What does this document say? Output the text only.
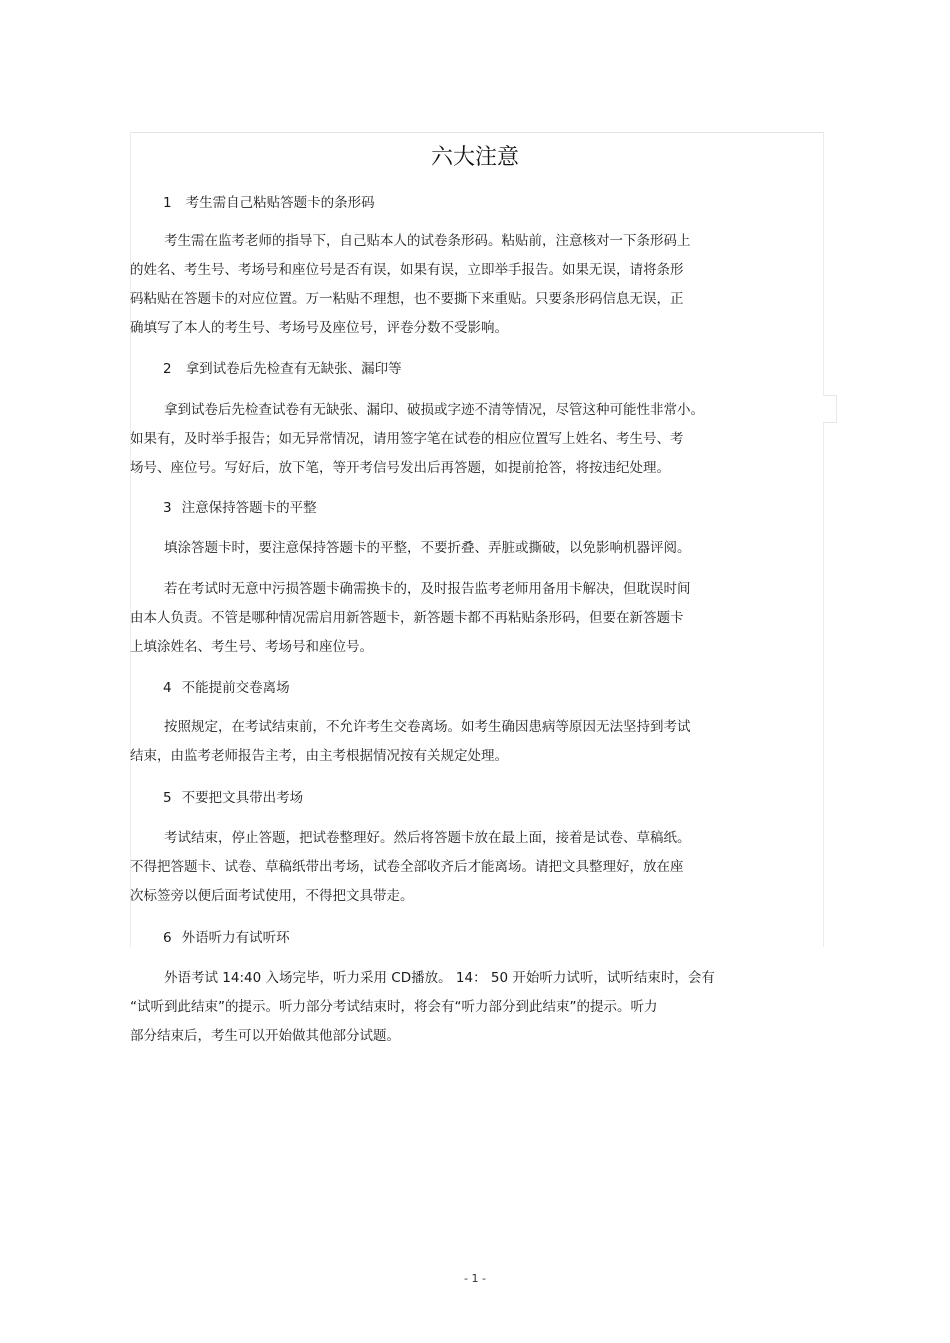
六大注意
1 考生需自己粘贴答题卡的条形码
考生需在监考老师的指导下，自己贴本人的试卷条形码。粘贴前，注意核对一下条形码上
的姓名、考生号、考场号和座位号是否有误，如果有误，立即举手报告。如果无误，请将条形
码粘贴在答题卡的对应位置。万一粘贴不理想，也不要撕下来重贴。只要条形码信息无误，正
确填写了本人的考生号、考场号及座位号，评卷分数不受影响。
2 拿到试卷后先检查有无缺张、漏印等
拿到试卷后先检查试卷有无缺张、漏印、破损或字迹不清等情况，尽管这种可能性非常小。
如果有，及时举手报告；如无异常情况，请用签字笔在试卷的相应位置写上姓名、考生号、考
场号、座位号。写好后，放下笔，等开考信号发出后再答题，如提前抢答，将按违纪处理。
3 注意保持答题卡的平整
填涂答题卡时，要注意保持答题卡的平整，不要折叠、弄脏或撕破，以免影响机器评阅。
若在考试时无意中污损答题卡确需换卡的，及时报告监考老师用备用卡解决，但耽误时间
由本人负责。不管是哪种情况需启用新答题卡，新答题卡都不再粘贴条形码，但要在新答题卡
上填涂姓名、考生号、考场号和座位号。
4 不能提前交卷离场
按照规定，在考试结束前，不允许考生交卷离场。如考生确因患病等原因无法坚持到考试
结束，由监考老师报告主考，由主考根据情况按有关规定处理。
5 不要把文具带出考场
考试结束，停止答题，把试卷整理好。然后将答题卡放在最上面，接着是试卷、草稿纸。
不得把答题卡、试卷、草稿纸带出考场，试卷全部收齐后才能离场。请把文具整理好，放在座
次标签旁以便后面考试使用，不得把文具带走。
6 外语听力有试听环
外语考试 14:40 入场完毕，听力采用 CD播放。 14： 50 开始听力试听，试听结束时，会有
“试听到此结束”的提示。听力部分考试结束时，将会有“听力部分到此结束”的提示。听力
部分结束后，考生可以开始做其他部分试题。
- 1 -
